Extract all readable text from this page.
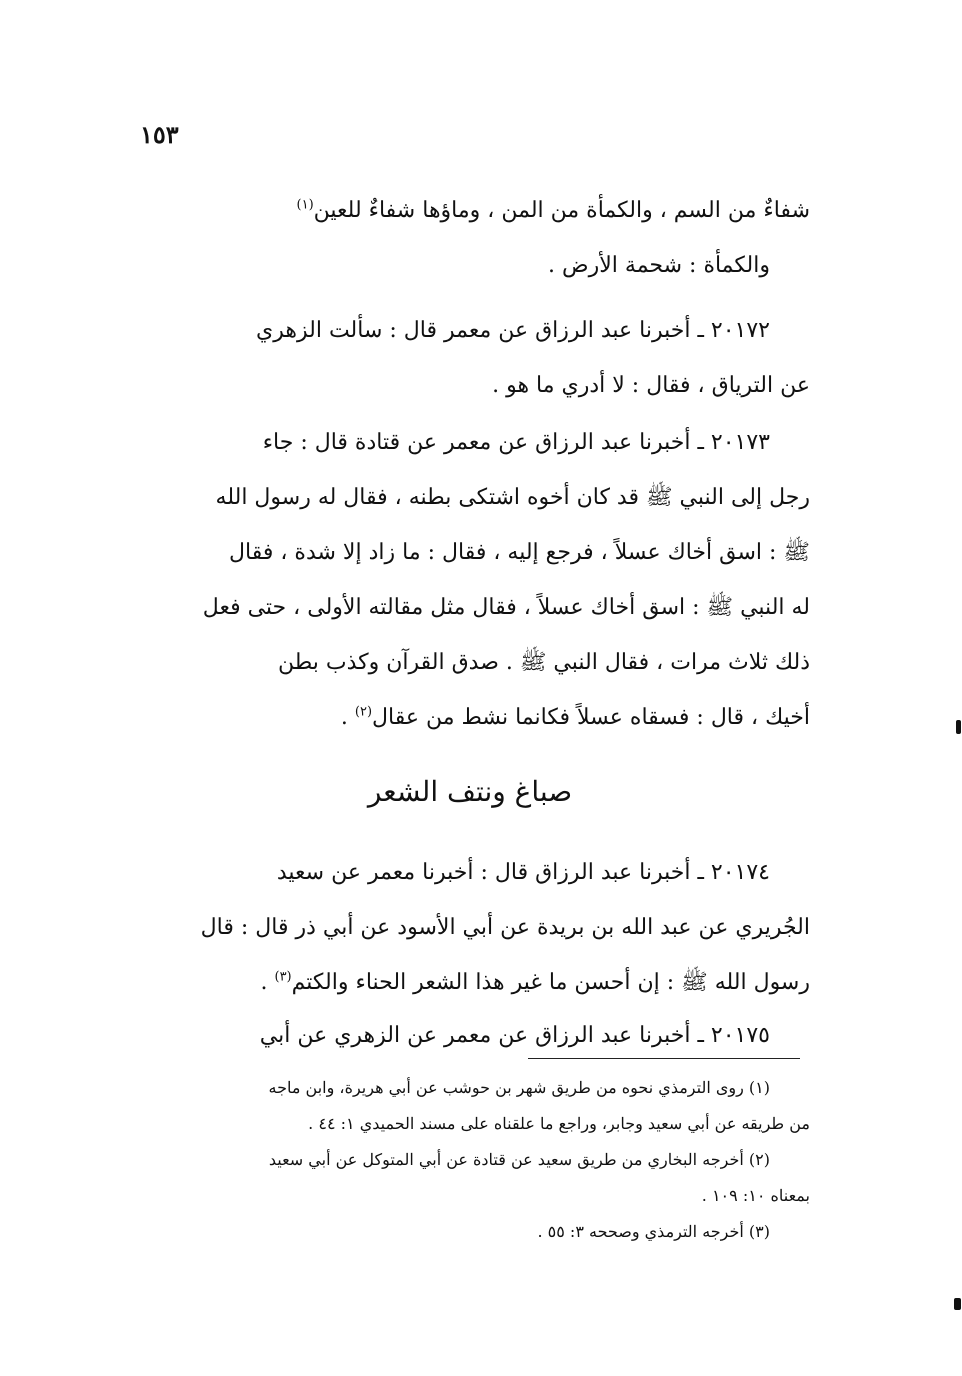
١٥٣
شفاءٌ من السم ، والكمأة من المن ، وماؤها شفاءٌ للعين$^{(١)}$
والكمأة : شحمة الأرض .
٢٠١٧٢ ـ أخبرنا عبد الرزاق عن معمر قال : سألت الزهري
عن الترياق ، فقال : لا أدري ما هو .
٢٠١٧٣ ـ أخبرنا عبد الرزاق عن معمر عن قتادة قال : جاء
رجل إلى النبي ﷺ قد كان أخوه اشتكى بطنه ، فقال له رسول الله
ﷺ : اسق أخاك عسلاً ، فرجع إليه ، فقال : ما زاد إلا شدة ، فقال
له النبي ﷺ : اسق أخاك عسلاً ، فقال مثل مقالته الأولى ، حتى فعل
ذلك ثلاث مرات ، فقال النبي ﷺ . صدق القرآن وكذب بطن
أخيك ، قال : فسقاه عسلاً فكانما نشط من عقال$^{(٢)}$ .
صباغ ونتف الشعر
٢٠١٧٤ ـ أخبرنا عبد الرزاق قال : أخبرنا معمر عن سعيد
الجُريري عن عبد الله بن بريدة عن أبي الأسود عن أبي ذر قال : قال
رسول الله ﷺ : إن أحسن ما غير هذا الشعر الحناء والكتم$^{(٣)}$ .
٢٠١٧٥ ـ أخبرنا عبد الرزاق عن معمر عن الزهري عن أبي
(١) روى الترمذي نحوه من طريق شهر بن حوشب عن أبي هريرة، وابن ماجه
من طريقه عن أبي سعيد وجابر، وراجع ما علقناه على مسند الحميدي ١: ٤٤ .
(٢) أخرجه البخاري من طريق سعيد عن قتادة عن أبي المتوكل عن أبي سعيد
بمعناه ١٠: ١٠٩ .
(٣) أخرجه الترمذي وصححه ٣: ٥٥ .
